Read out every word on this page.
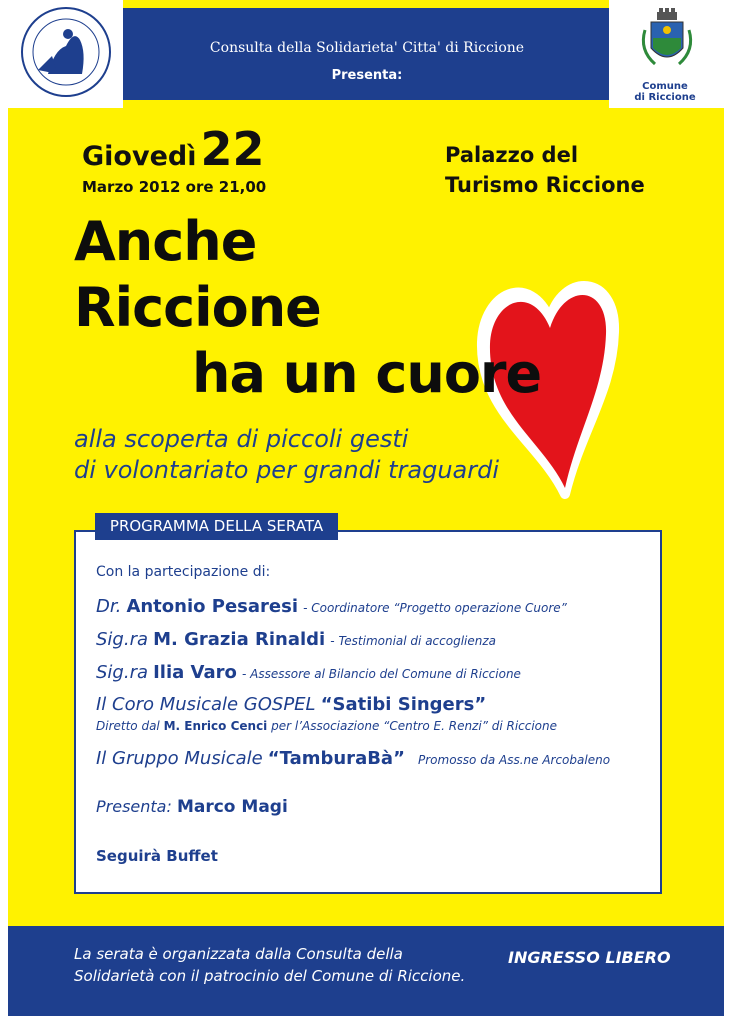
Comune
di Riccione
Consulta della Solidarieta' Citta' di Riccione
Presenta:
Giovedì22
Marzo 2012 ore 21,00
Palazzo del
Turismo Riccione
Anche
Riccione
ha un cuore
alla scoperta di piccoli gesti
di volontariato per grandi traguardi
PROGRAMMA DELLA SERATA
Con la partecipazione di:
Dr. Antonio Pesaresi - Coordinatore “Progetto operazione Cuore”
Sig.ra M. Grazia Rinaldi - Testimonial di accoglienza
Sig.ra Ilia Varo - Assessore al Bilancio del Comune di Riccione
Il Coro Musicale GOSPEL “Satibi Singers”
Diretto dal M. Enrico Cenci per l’Associazione “Centro E. Renzi” di Riccione
Il Gruppo Musicale “TamburaBà” Promosso da Ass.ne Arcobaleno
Presenta: Marco Magi
Seguirà Buffet
La serata è organizzata dalla Consulta della
Solidarietà con il patrocinio del Comune di Riccione.
INGRESSO LIBERO
